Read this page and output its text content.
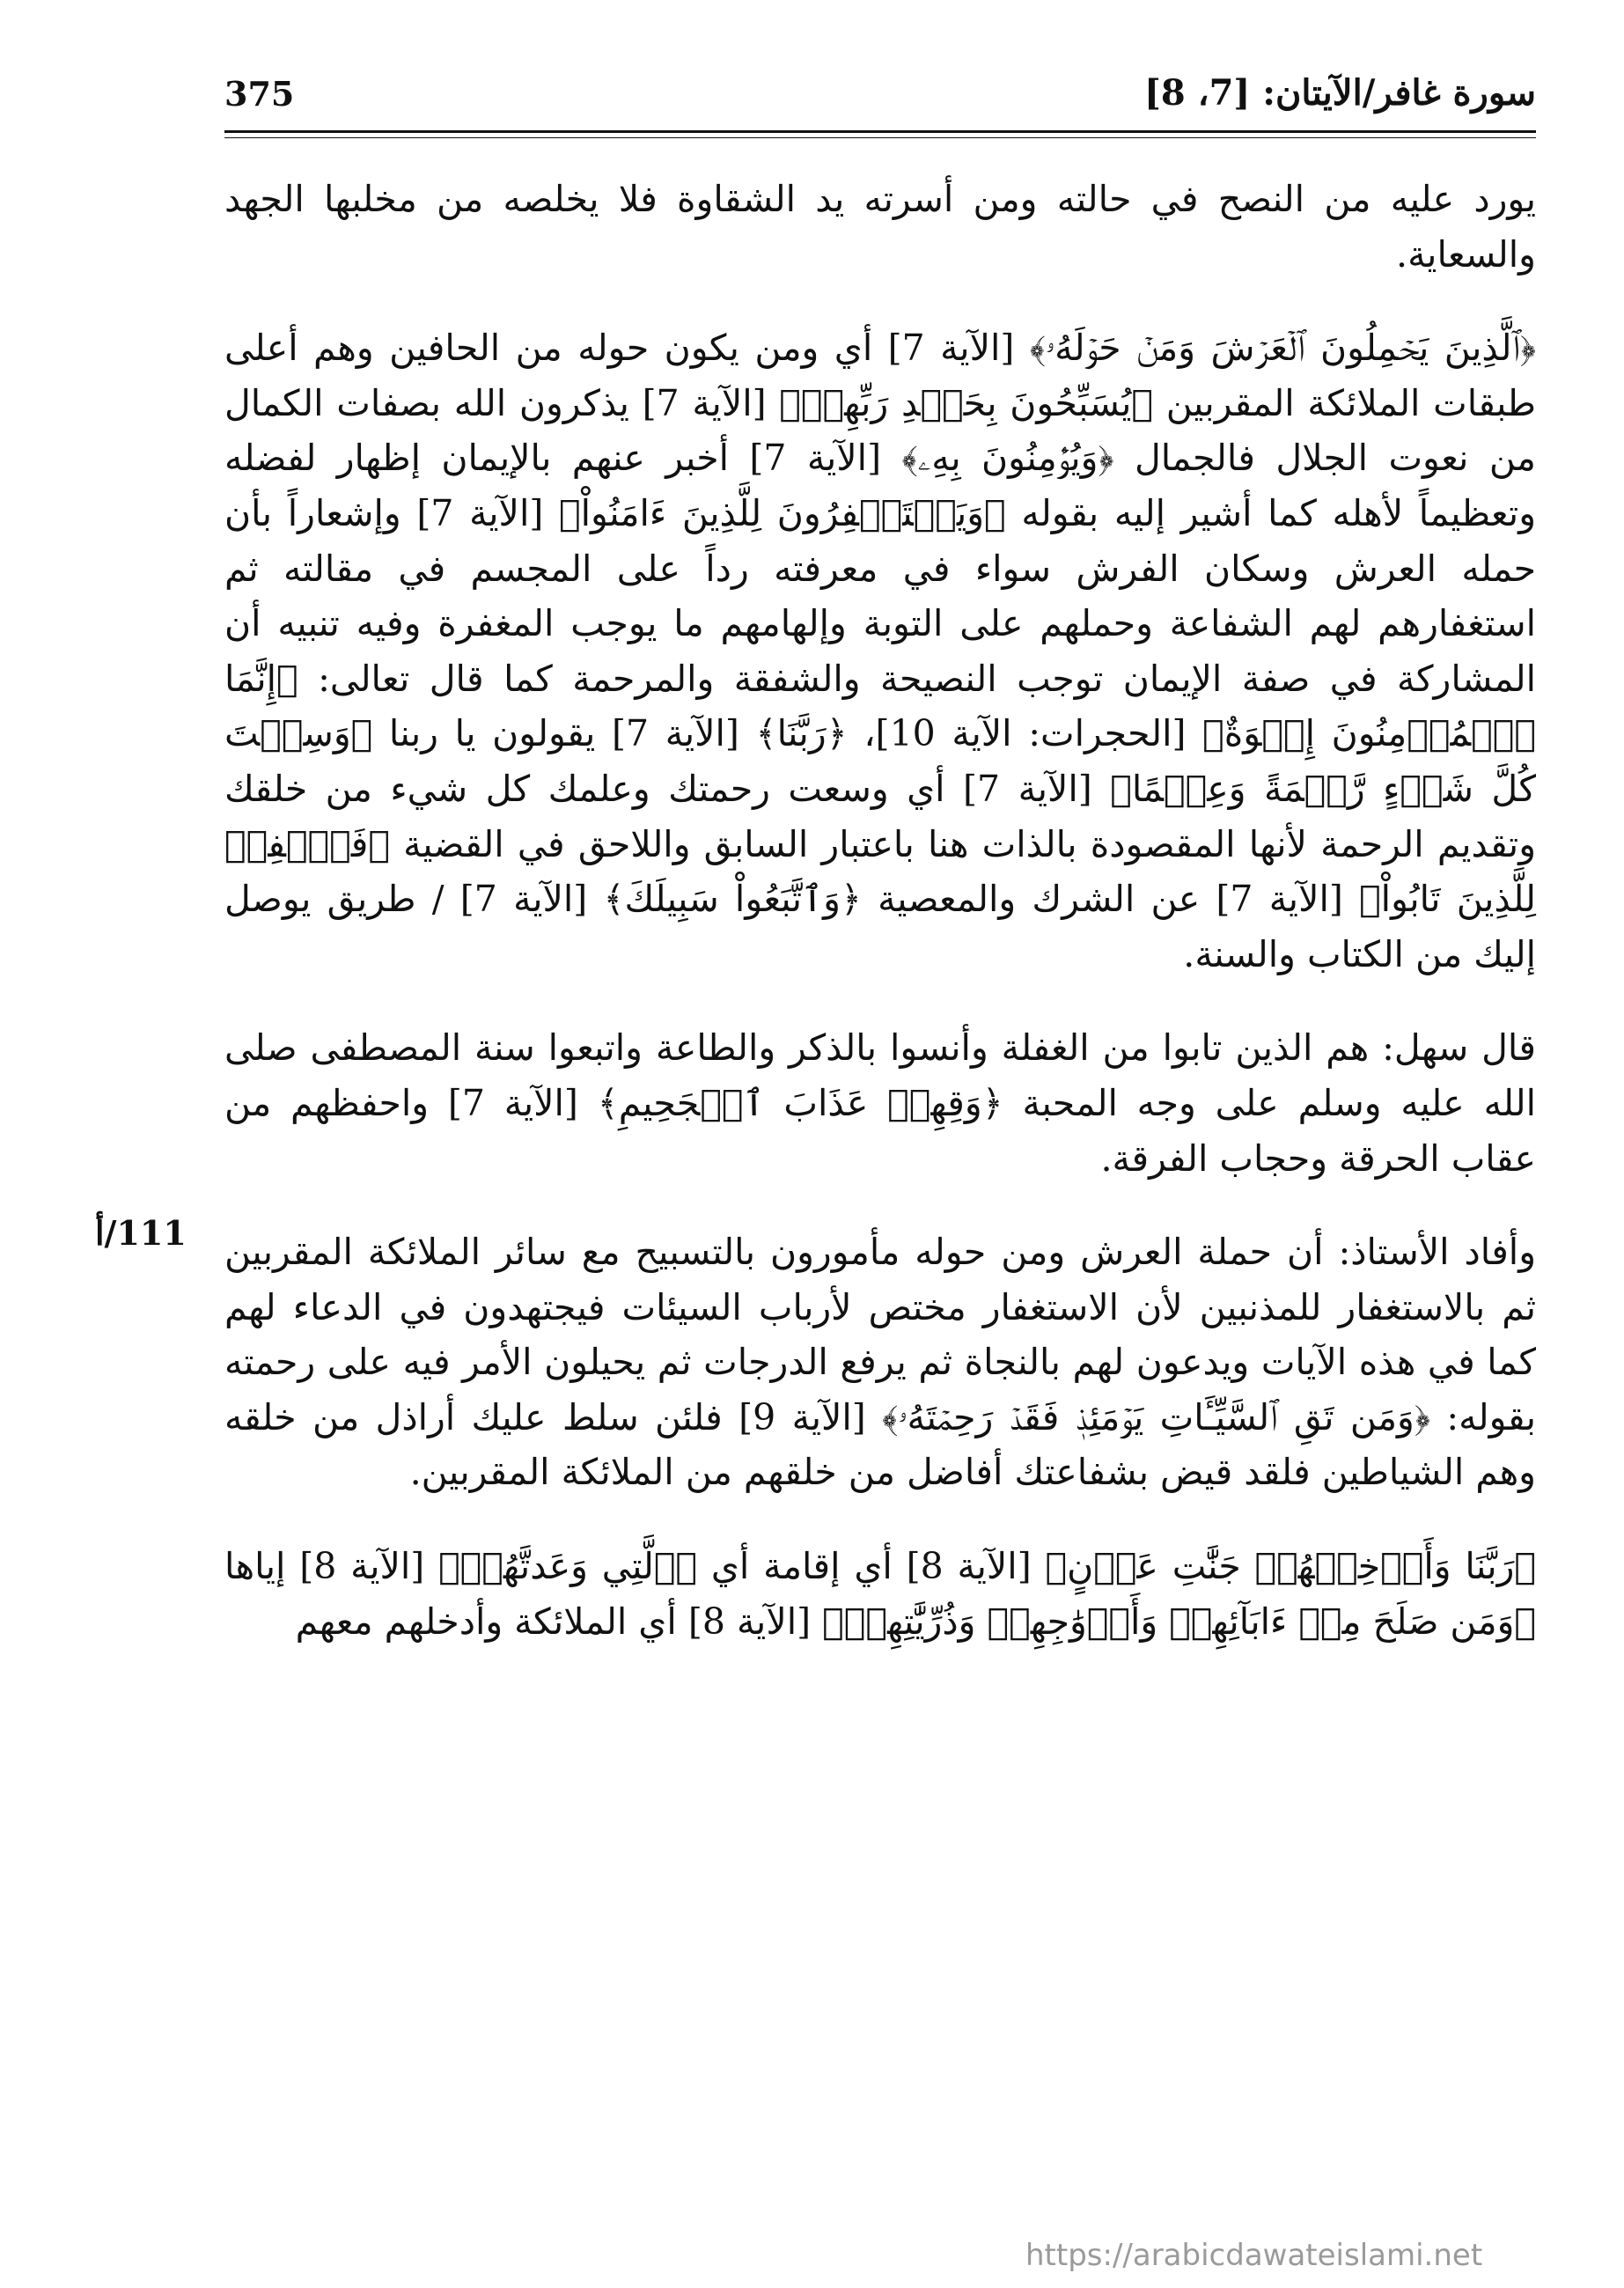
سورة غافر/الآيتان: [7، 8]
375

يورد عليه من النصح في حالته ومن أسرته يد الشقاوة فلا يخلصه من مخلبها الجهد والسعاية.

﴿ٱلَّذِينَ يَحۡمِلُونَ ٱلۡعَرۡشَ وَمَنۡ حَوۡلَهُۥ﴾ [الآية 7] أي ومن يكون حوله من الحافين وهم أعلى طبقات الملائكة المقربين ﴿يُسَبِّحُونَ بِحَمۡدِ رَبِّهِمۡ﴾ [الآية 7] يذكرون الله بصفات الكمال من نعوت الجلال فالجمال ﴿وَيُؤۡمِنُونَ بِهِۦ﴾ [الآية 7] أخبر عنهم بالإيمان إظهار لفضله وتعظيماً لأهله كما أشير إليه بقوله ﴿وَيَسۡتَغۡفِرُونَ لِلَّذِينَ ءَامَنُواْ﴾ [الآية 7] وإشعاراً بأن حمله العرش وسكان الفرش سواء في معرفته رداً على المجسم في مقالته ثم استغفارهم لهم الشفاعة وحملهم على التوبة وإلهامهم ما يوجب المغفرة وفيه تنبيه أن المشاركة في صفة الإيمان توجب النصيحة والشفقة والمرحمة كما قال تعالى: ﴿إِنَّمَا ٱلۡمُؤۡمِنُونَ إِخۡوَةٌ﴾ [الحجرات: الآية 10]، ﴿رَبَّنَا﴾ [الآية 7] يقولون يا ربنا ﴿وَسِعۡتَ كُلَّ شَيۡءٍ رَّحۡمَةً وَعِلۡمًا﴾ [الآية 7] أي وسعت رحمتك وعلمك كل شيء من خلقك وتقديم الرحمة لأنها المقصودة بالذات هنا باعتبار السابق واللاحق في القضية ﴿فَٱغۡفِرۡ لِلَّذِينَ تَابُواْ﴾ [الآية 7] عن الشرك والمعصية ﴿وَٱتَّبَعُواْ سَبِيلَكَ﴾ [الآية 7] / طريق يوصل إليك من الكتاب والسنة.

قال سهل: هم الذين تابوا من الغفلة وأنسوا بالذكر والطاعة واتبعوا سنة المصطفى صلى الله عليه وسلم على وجه المحبة ﴿وَقِهِمۡ عَذَابَ ٱلۡجَحِيمِ﴾ [الآية 7] واحفظهم من عقاب الحرقة وحجاب الفرقة.

وأفاد الأستاذ: أن حملة العرش ومن حوله مأمورون بالتسبيح مع سائر الملائكة المقربين ثم بالاستغفار للمذنبين لأن الاستغفار مختص لأرباب السيئات فيجتهدون في الدعاء لهم كما في هذه الآيات ويدعون لهم بالنجاة ثم يرفع الدرجات ثم يحيلون الأمر فيه على رحمته بقوله: ﴿وَمَن تَقِ ٱلسَّيِّـَٔاتِ يَوۡمَئِذٖ فَقَدۡ رَحِمۡتَهُۥ﴾ [الآية 9] فلئن سلط عليك أراذل من خلقه وهم الشياطين فلقد قيض بشفاعتك أفاضل من خلقهم من الملائكة المقربين.

﴿رَبَّنَا وَأَدۡخِلۡهُمۡ جَنَّٰتِ عَدۡنٍ﴾ [الآية 8] أي إقامة أي ﴿ٱلَّتِي وَعَدتَّهُمۡ﴾ [الآية 8] إياها ﴿وَمَن صَلَحَ مِنۡ ءَابَآئِهِمۡ وَأَزۡوَٰجِهِمۡ وَذُرِّيَّٰتِهِمۡ﴾ [الآية 8] أي الملائكة وأدخلهم معهم

111/أ
https://arabicdawateislami.net
